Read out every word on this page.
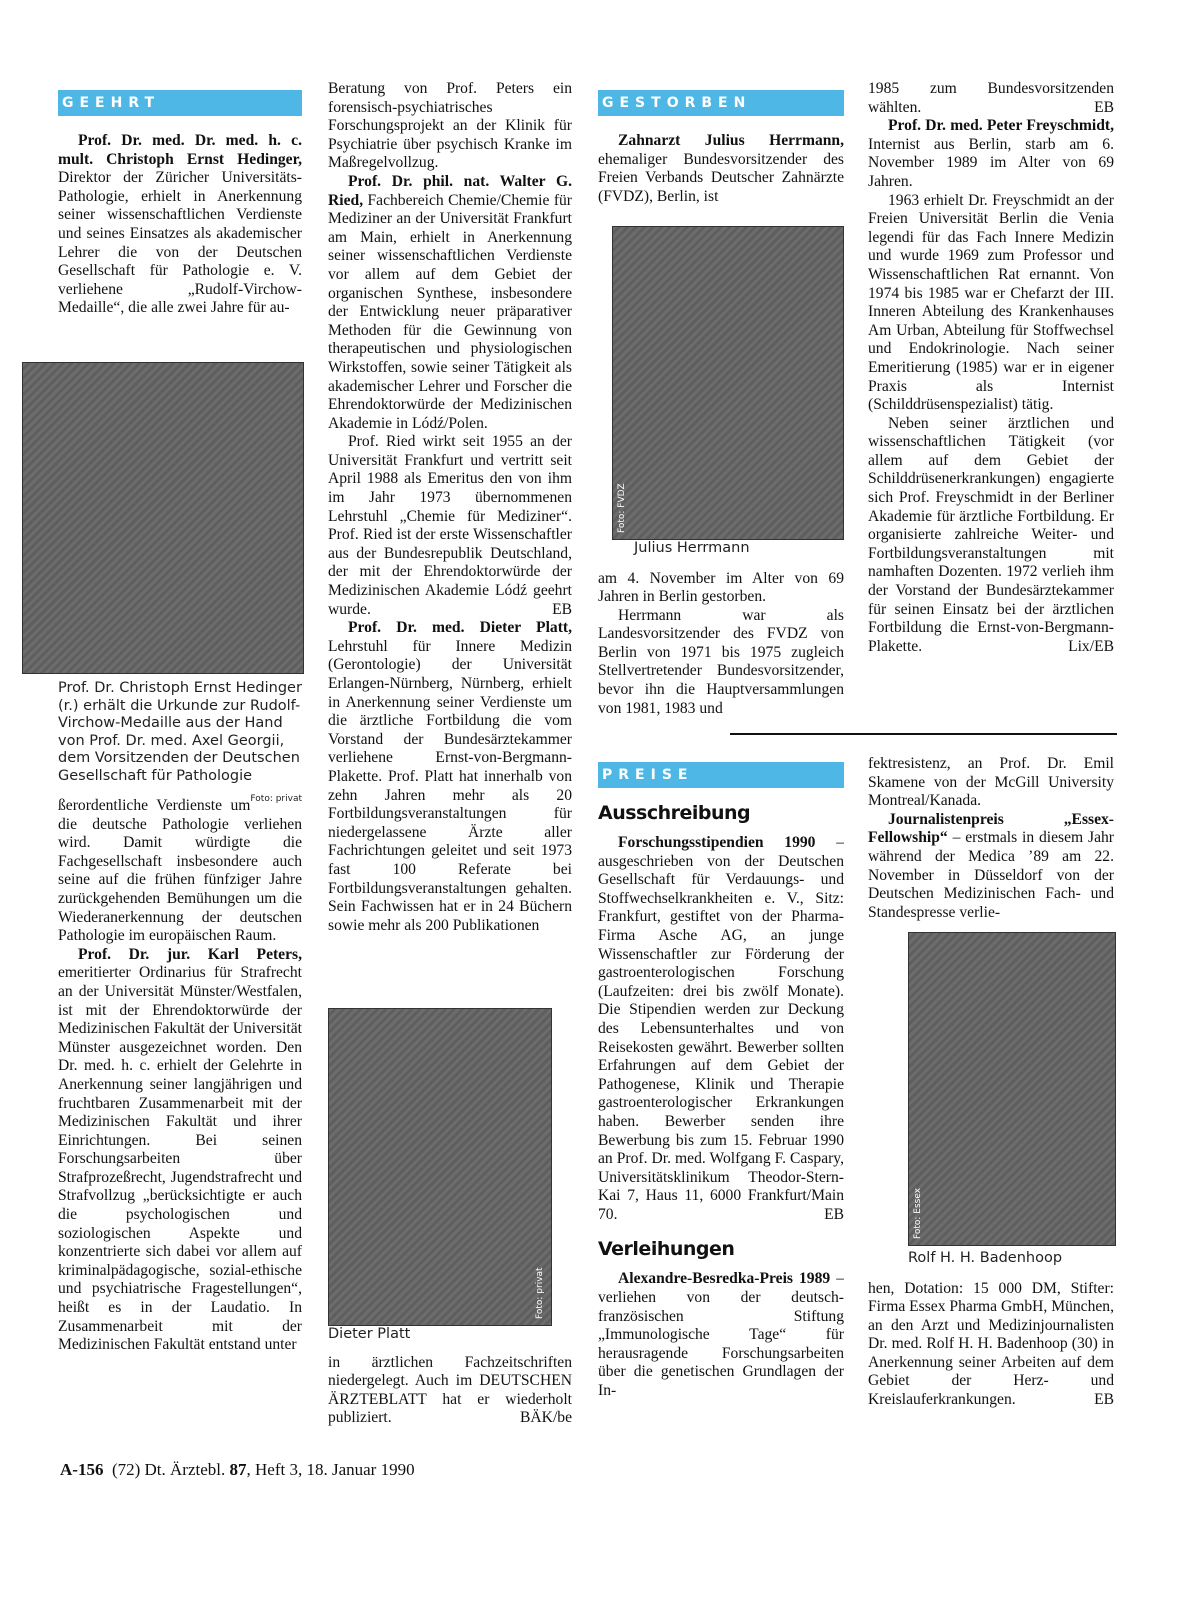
GEEHRT

Prof. Dr. med. Dr. med. h. c. mult. Christoph Ernst Hedinger, Direktor der Züricher Universitäts-Pathologie, erhielt in Anerkennung seiner wissenschaftlichen Verdienste und seines Einsatzes als akademischer Lehrer die von der Deutschen Gesellschaft für Pathologie e. V. verliehene „Rudolf-Virchow-Medaille“, die alle zwei Jahre für au-

Prof. Dr. Christoph Ernst Hedinger (r.) erhält die Urkunde zur Rudolf-Virchow-Medaille aus der Hand von Prof. Dr. med. Axel Georgii, dem Vorsitzenden der Deutschen Gesellschaft für Pathologie
Foto: privat

ßerordentliche Verdienste um die deutsche Pathologie verliehen wird. Damit würdigte die Fachgesellschaft insbesondere auch seine auf die frühen fünfziger Jahre zurückgehenden Bemühungen um die Wiederanerkennung der deutschen Pathologie im europäischen Raum.

Prof. Dr. jur. Karl Peters, emeritierter Ordinarius für Strafrecht an der Universität Münster/Westfalen, ist mit der Ehrendoktorwürde der Medizinischen Fakultät der Universität Münster ausgezeichnet worden. Den Dr. med. h. c. erhielt der Gelehrte in Anerkennung seiner langjährigen und fruchtbaren Zusammenarbeit mit der Medizinischen Fakultät und ihrer Einrichtungen. Bei seinen Forschungsarbeiten über Strafprozeßrecht, Jugendstrafrecht und Strafvollzug „berücksichtigte er auch die psychologischen und soziologischen Aspekte und konzentrierte sich dabei vor allem auf kriminalpädagogische, sozial-ethische und psychiatrische Fragestellungen“, heißt es in der Laudatio. In Zusammenarbeit mit der Medizinischen Fakultät entstand unter

Beratung von Prof. Peters ein forensisch-psychiatrisches Forschungsprojekt an der Klinik für Psychiatrie über psychisch Kranke im Maßregelvollzug.

Prof. Dr. phil. nat. Walter G. Ried, Fachbereich Chemie/Chemie für Mediziner an der Universität Frankfurt am Main, erhielt in Anerkennung seiner wissenschaftlichen Verdienste vor allem auf dem Gebiet der organischen Synthese, insbesondere der Entwicklung neuer präparativer Methoden für die Gewinnung von therapeutischen und physiologischen Wirkstoffen, sowie seiner Tätigkeit als akademischer Lehrer und Forscher die Ehrendoktorwürde der Medizinischen Akademie in Lódź/Polen.

Prof. Ried wirkt seit 1955 an der Universität Frankfurt und vertritt seit April 1988 als Emeritus den von ihm im Jahr 1973 übernommenen Lehrstuhl „Chemie für Mediziner“. Prof. Ried ist der erste Wissenschaftler aus der Bundesrepublik Deutschland, der mit der Ehrendoktorwürde der Medizinischen Akademie Lódź geehrt wurde.	EB

Prof. Dr. med. Dieter Platt, Lehrstuhl für Innere Medizin (Gerontologie) der Universität Erlangen-Nürnberg, Nürnberg, erhielt in Anerkennung seiner Verdienste um die ärztliche Fortbildung die vom Vorstand der Bundesärztekammer verliehene Ernst-von-Bergmann-Plakette. Prof. Platt hat innerhalb von zehn Jahren mehr als 20 Fortbildungsveranstaltungen für niedergelassene Ärzte aller Fachrichtungen geleitet und seit 1973 fast 100 Referate bei Fortbildungsveranstaltungen gehalten. Sein Fachwissen hat er in 24 Büchern sowie mehr als 200 Publikationen

Foto: privat
Dieter Platt

in ärztlichen Fachzeitschriften niedergelegt. Auch im DEUTSCHEN ÄRZTEBLATT hat er wiederholt publiziert.	BÄK/be

GESTORBEN

Zahnarzt Julius Herrmann, ehemaliger Bundesvorsitzender des Freien Verbands Deutscher Zahnärzte (FVDZ), Berlin, ist

Foto: FVDZ
Julius Herrmann

am 4. November im Alter von 69 Jahren in Berlin gestorben.

Herrmann war als Landesvorsitzender des FVDZ von Berlin von 1971 bis 1975 zugleich Stellvertretender Bundesvorsitzender, bevor ihn die Hauptversammlungen von 1981, 1983 und

PREISE
Ausschreibung

Forschungsstipendien 1990 – ausgeschrieben von der Deutschen Gesellschaft für Verdauungs- und Stoffwechselkrankheiten e. V., Sitz: Frankfurt, gestiftet von der Pharma-Firma Asche AG, an junge Wissenschaftler zur Förderung der gastroenterologischen Forschung (Laufzeiten: drei bis zwölf Monate). Die Stipendien werden zur Deckung des Lebensunterhaltes und von Reisekosten gewährt. Bewerber sollten Erfahrungen auf dem Gebiet der Pathogenese, Klinik und Therapie gastroenterologischer Erkrankungen haben. Bewerber senden ihre Bewerbung bis zum 15. Februar 1990 an Prof. Dr. med. Wolfgang F. Caspary, Universitätsklinikum Theodor-Stern-Kai 7, Haus 11, 6000 Frankfurt/Main 70.	EB

Verleihungen

Alexandre-Besredka-Preis 1989 – verliehen von der deutsch-französischen Stiftung „Immunologische Tage“ für herausragende Forschungsarbeiten über die genetischen Grundlagen der In-

1985 zum Bundesvorsitzenden wählten.	EB

Prof. Dr. med. Peter Freyschmidt, Internist aus Berlin, starb am 6. November 1989 im Alter von 69 Jahren.

1963 erhielt Dr. Freyschmidt an der Freien Universität Berlin die Venia legendi für das Fach Innere Medizin und wurde 1969 zum Professor und Wissenschaftlichen Rat ernannt. Von 1974 bis 1985 war er Chefarzt der III. Inneren Abteilung des Krankenhauses Am Urban, Abteilung für Stoffwechsel und Endokrinologie. Nach seiner Emeritierung (1985) war er in eigener Praxis als Internist (Schilddrüsenspezialist) tätig.

Neben seiner ärztlichen und wissenschaftlichen Tätigkeit (vor allem auf dem Gebiet der Schilddrüsenerkrankungen) engagierte sich Prof. Freyschmidt in der Berliner Akademie für ärztliche Fortbildung. Er organisierte zahlreiche Weiter- und Fortbildungsveranstaltungen mit namhaften Dozenten. 1972 verlieh ihm der Vorstand der Bundesärztekammer für seinen Einsatz bei der ärztlichen Fortbildung die Ernst-von-Bergmann-Plakette.	Lix/EB

fektresistenz, an Prof. Dr. Emil Skamene von der McGill University Montreal/Kanada.

Journalistenpreis „Essex-Fellowship“ – erstmals in diesem Jahr während der Medica ’89 am 22. November in Düsseldorf von der Deutschen Medizinischen Fach- und Standespresse verlie-

Foto: Essex
Rolf H. H. Badenhoop

hen, Dotation: 15 000 DM, Stifter: Firma Essex Pharma GmbH, München, an den Arzt und Medizinjournalisten Dr. med. Rolf H. H. Badenhoop (30) in Anerkennung seiner Arbeiten auf dem Gebiet der Herz- und Kreislauferkrankungen.	EB

A-156 (72) Dt. Ärztebl. 87, Heft 3, 18. Januar 1990
